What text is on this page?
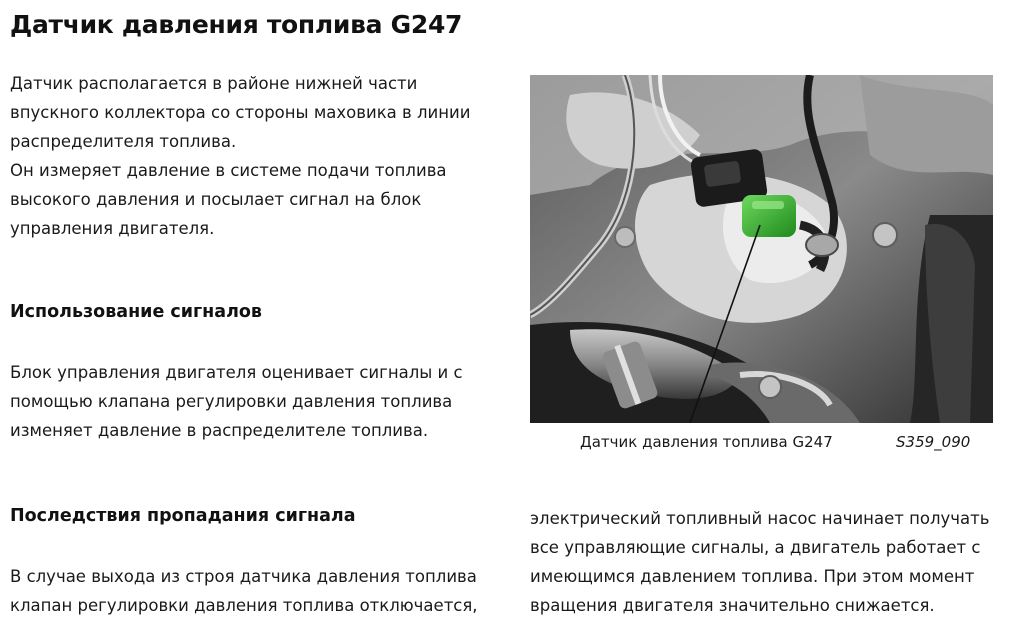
Датчик давления топлива G247

Датчик располагается в районе нижней части
впускного коллектора со стороны маховика в линии
распределителя топлива.
Он измеряет давление в системе подачи топлива
высокого давления и посылает сигнал на блок
управления двигателя.

Использование сигналов

Блок управления двигателя оценивает сигналы и с
помощью клапана регулировки давления топлива
изменяет давление в распределителе топлива.

Последствия пропадания сигнала

В случае выхода из строя датчика давления топлива
клапан регулировки давления топлива отключается,

электрический топливный насос начинает получать
все управляющие сигналы, а двигатель работает с
имеющимся давлением топлива. При этом момент
вращения двигателя значительно снижается.

Датчик давления топлива G247	S359_090
